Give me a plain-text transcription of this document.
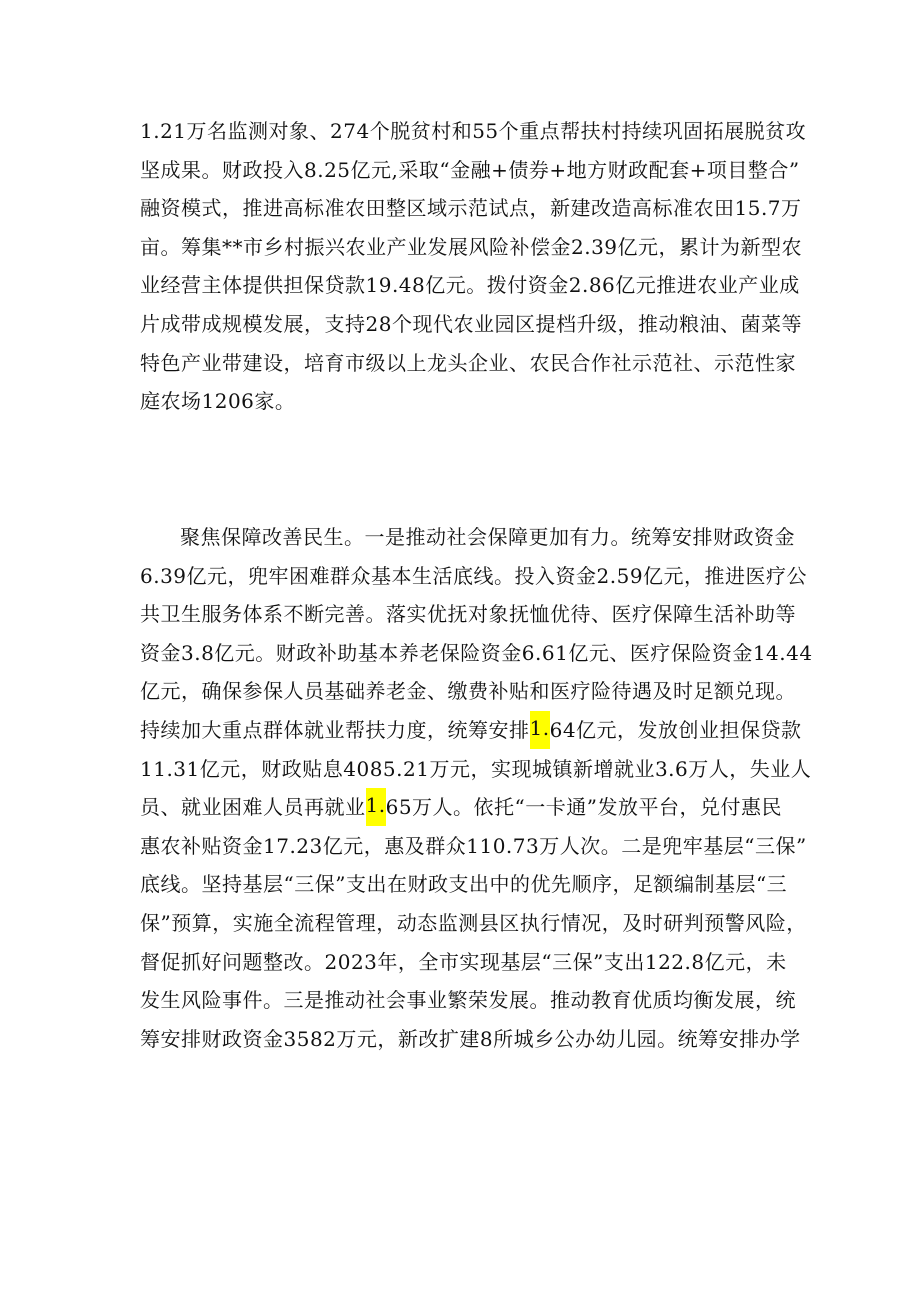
1.21万名监测对象、274个脱贫村和55个重点帮扶村持续巩固拓展脱贫攻
坚成果。财政投入8.25亿元,采取“金融+债券+地方财政配套+项目整合”
融资模式，推进高标准农田整区域示范试点，新建改造高标准农田15.7万
亩。筹集**市乡村振兴农业产业发展风险补偿金2.39亿元，累计为新型农
业经营主体提供担保贷款19.48亿元。拨付资金2.86亿元推进农业产业成
片成带成规模发展，支持28个现代农业园区提档升级，推动粮油、菌菜等
特色产业带建设，培育市级以上龙头企业、农民合作社示范社、示范性家
庭农场1206家。
聚焦保障改善民生。一是推动社会保障更加有力。统筹安排财政资金
6.39亿元，兜牢困难群众基本生活底线。投入资金2.59亿元，推进医疗公
共卫生服务体系不断完善。落实优抚对象抚恤优待、医疗保障生活补助等
资金3.8亿元。财政补助基本养老保险资金6.61亿元、医疗保险资金14.44
亿元，确保参保人员基础养老金、缴费补贴和医疗险待遇及时足额兑现。
持续加大重点群体就业帮扶力度，统筹安排1.64亿元，发放创业担保贷款
11.31亿元，财政贴息4085.21万元，实现城镇新增就业3.6万人，失业人
员、就业困难人员再就业1.65万人。依托“一卡通”发放平台，兑付惠民
惠农补贴资金17.23亿元，惠及群众110.73万人次。二是兜牢基层“三保”
底线。坚持基层“三保”支出在财政支出中的优先顺序，足额编制基层“三
保”预算，实施全流程管理，动态监测县区执行情况，及时研判预警风险，
督促抓好问题整改。2023年，全市实现基层“三保”支出122.8亿元，未
发生风险事件。三是推动社会事业繁荣发展。推动教育优质均衡发展，统
筹安排财政资金3582万元，新改扩建8所城乡公办幼儿园。统筹安排办学
